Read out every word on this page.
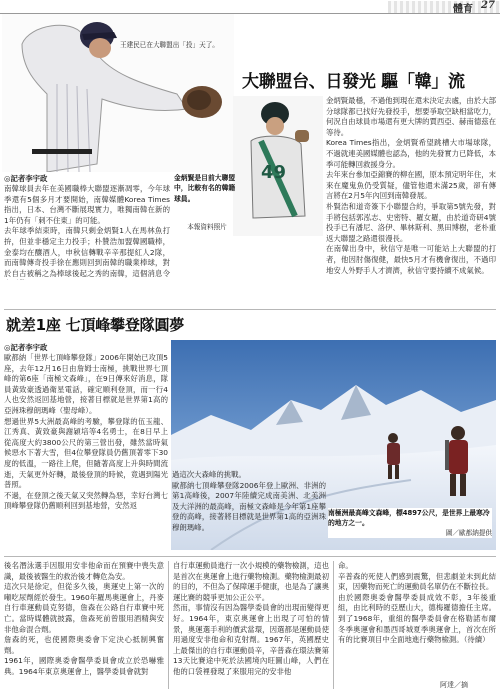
體育 27
王建民已在大聯盟出「投」天了。
大聯盟台、日發光 驅「韓」流
49
金炳賢是目前大聯盟中，比較有名的韓籍球員。
本報資料照片
◎記者李宇政
南韓球員去年在美國職棒大聯盟逐漸凋零，今年球季還有5個多月才要開始，南韓媒體Korea Times指出，日本、台灣不斷展現實力，唯獨南韓在新的1年仍有「刺不住東」的可能。
去年球季結束時，南韓只剩金炳賢1人在馬林魚打拚，但並非穩定主力投手；朴贊浩加盟韓國職棒，金泰均在釀酒人，申秋信轉戰辛辛那提紅人2隊，而南韓傳奇投手徐在應則回到南韓的職業棒球，對於自古被稱之為棒球後起之秀的南韓，這個消息令

金炳賢最穩，不過他到現在還未決定去處，由於大部分球隊都已找好先發投手，想要爭取空缺相當吃力，何況自由球員市場還有更大牌的賈西亞、赫南德茲在等待。
Korea Times指出，金炳賢希望跳槽大市場球隊，不過就連美國媒體也認為，他的先發實力已降低，本季可能轉回救援身分。
去年來台參加亞錦賽的柳在國，原本預定明年住，末來在魔鬼魚仍受質疑，儘管他還未滿25歲，卻有傳言將在2月5年內回到南韓發展。
朴賢浩和道奇簽下小聯盟合約，爭取第5號先發，對手將包括郭泓志、史密特、羅女羅，由於道奇研4號投手已有潘尼、洛伊、畢林斯利、黑田博樹，老朴重返大聯盟之路還很漫長。
在南韓出身中，秋信守是唯一可能站上大聯盟的打者，他因肘傷復健，最快5月才有機會復出，不過印地安人外野手人才濟濟，秋信守要持續不成氣候。
就差1座 七頂峰攀登隊圓夢
◎記者李宇政
歐都納「世界七頂峰攀登隊」2006年開始已攻頂5座，去年12月16日由詹姆士南極，挑戰世界七頂峰的第6座「南極文森峰」，在9日傳來好消息，隊員黃致豪透過衛星電話，確定順利登頂，而一行4人也安然返回基地營，接著目標就是世界第1高的亞洲珠穆朗瑪峰（聖母峰）。
想過世界5大洲最高峰的考驗，攀登隊的伍玉龍、江秀真、黃致豪與謝穎培等4名勇士，在8日早上從高度大約3800公尺的第三營出發，雖然當時氣候惡水下著大雪，但4位攀登隊員仍舊頂著零下30度的低溫，一路往上爬，但隨著高度上升與時間流逝，天氣更外好轉，最後登頂的時候，竟遇到陽光普照。
不過，在登頂之後天氣又突然轉為惡，幸好台灣七頂峰攀登隊仍舊順利回到基地營，安然返
過這次大森峰的挑戰。
歐都納七頂峰攀登隊2006年登上歐洲、非洲的第1高峰後，2007年陸續完成南美洲、北美洲及大洋洲的最高峰，南極文森峰是今年第1座攀登的高峰，接著將目標就是世界第1高的亞洲珠穆朗瑪峰。
南極洲最高峰文森峰，標4897公尺，是世界上最寒冷的地方之一。
圖／歐都納提供
後名潛泳選手因服用安非他命而在預賽中喪失意識，最後被醫生的救治後才轉危為安。
這次只是徐定，但從多久後，奧運史上第一次的噸吃尿劑經於發生。1960年羅馬奧運會上，丹麥自行車運動員克努德，詹森在公路自行車賽中死亡。當時媒體就披露，詹森死前曾服用酒精與安非他命混合劑。
詹森的死，也使國際奧委會下定決心抵制興奮劑。
1961年，國際奧委會醫學委員會成立於恐嚇雅典。1964年東京奧運會上，醫學委員會就對
自行車運動員進行一次小規模的藥物檢測，這也是首次在奧運會上進行藥物檢測。藥物檢測最初的目的，不但為了保障運手健康，也是為了讓奧運比賽的競爭更加公正公平。
然而，事情沒有因為醫學委員會的出現而變得更好。1964年，東京奧運會上出現了可怕的情景，奧運選手利的價武當環，因選都是運動員使用過度安非他命和克射劑。1967年，英國歷史上最傑出的自行車運動員辛，辛普森在環法賽第13天比賽途中死於法國境內旺圖山峰，人們在他的口袋裡發現了來服用完的安非他
命。
辛普森的死使人們感到震驚，但悲劇並未到此結束，因藥物而死亡的運動員名單仍在不斷拉長。
由於國際奧委會醫學委員成效不彰，3年後重組，由比利時的亞歷山大，德梅羅德擔任主席。到了1968年，重組的醫學委員會在格勒諾布爾冬季奧運會和墨西哥城夏季奧運會上，首次在所有的比賽項目中全面地進行藥物檢測。（待續）
阿達／摘
